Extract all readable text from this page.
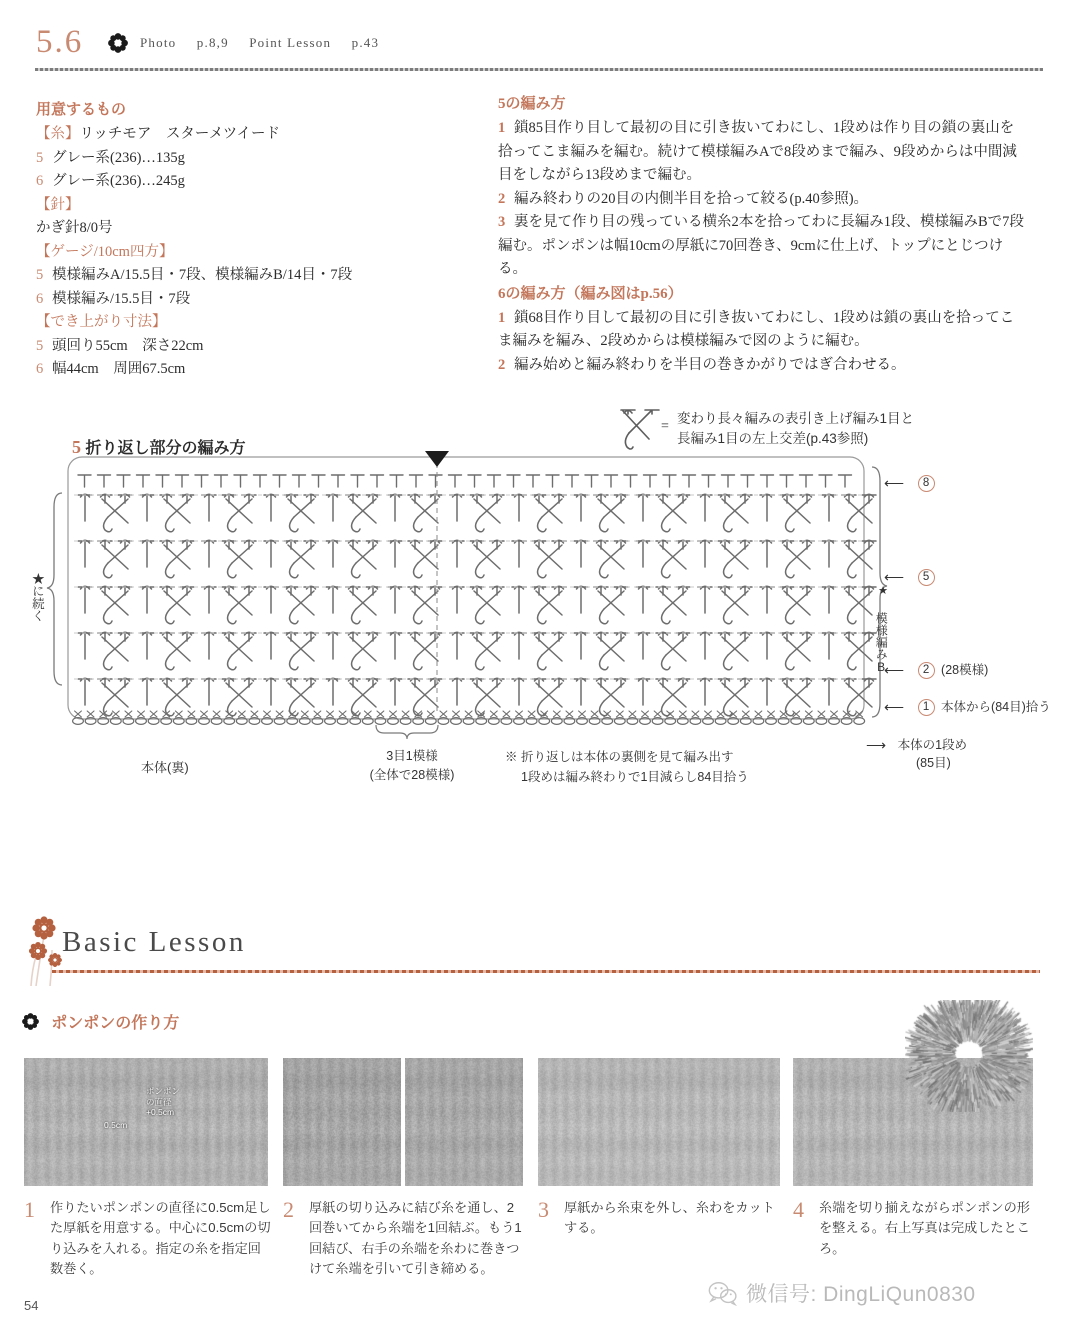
5.6	Photo p.8,9 Point Lesson p.43
用意するもの
【糸】リッチモア　スターメツイード
5 グレー系(236)…135g
6 グレー系(236)…245g
【針】
かぎ針8/0号
【ゲージ/10cm四方】
5 模様編みA/15.5目・7段、模様編みB/14目・7段
6 模様編み/15.5目・7段
【でき上がり寸法】
5 頭回り55cm　深さ22cm
6 幅44cm　周囲67.5cm
5の編み方
1 鎖85目作り目して最初の目に引き抜いてわにし、1段めは作り目の鎖の裏山を拾ってこま編みを編む。続けて模様編みAで8段めまで編み、9段めからは中間減目をしながら13段めまで編む。
2 編み終わりの20目の内側半目を拾って絞る(p.40参照)。
3 裏を見て作り目の残っている横糸2本を拾ってわに長編み1段、模様編みBで7段編む。ポンポンは幅10cmの厚紙に70回巻き、9cmに仕上げ、トップにとじつける。
6の編み方（編み図はp.56）
1 鎖68目作り目して最初の目に引き抜いてわにし、1段めは鎖の裏山を拾ってこま編みを編み、2段めからは模様編みで図のように編む。
2 編み始めと編み終わりを半目の巻きかがりではぎ合わせる。
=
変わり長々編みの表引き上げ編み1目と
長編み1目の左上交差(p.43参照)
5 折り返し部分の編み方
★に続く
⟵ 8
⟵ 5
⟵ 2 (28模様)
⟵ 1 本体から(84目)拾う
★
模様編みB
⟶ 本体の1段め
(85目)
本体(裏)
3目1模様
(全体で28模様)
※ 折り返しは本体の裏側を見て編み出す
1段めは編み終わりで1目減らし84目拾う
Basic Lesson
ポンポンの作り方
ポンポン
の直径
+0.5cm
0.5cm
1	作りたいポンポンの直径に0.5cm足した厚紙を用意する。中心に0.5cmの切り込みを入れる。指定の糸を指定回数巻く。
2	厚紙の切り込みに結び糸を通し、2回巻いてから糸端を1回結ぶ。もう1回結び、右手の糸端を糸わに巻きつけて糸端を引いて引き締める。
3	厚紙から糸束を外し、糸わをカットする。
4	糸端を切り揃えながらポンポンの形を整える。右上写真は完成したところ。
54	微信号: DingLiQun0830
